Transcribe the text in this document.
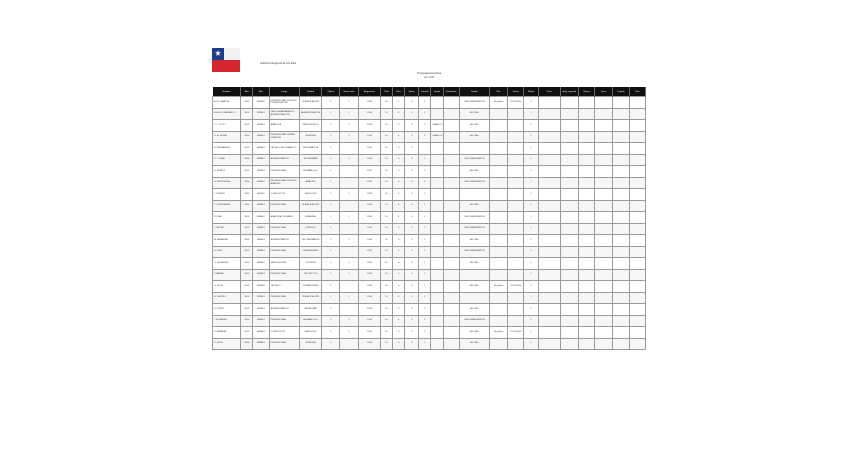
Gobierno Regional de Los Ríos
Transparencia Activa
Año 2016
Nombre	Año	Mes	Cargo	Unidad	Viático	Horas extra	Asignación	Total	Días	Horas	Feriado	Grado	Estamento	Detalle	Obs.	Fecha	Monto	Otros	Asig. especial	Bonos	Desc.	Líquido	Otro
A. M. CAMPOS	2016	ENERO	PROFESIONAL DIVISIÓN PLANIFICACIÓN	PLANIFICACIÓN	1	1	1.230	10	1	0	1			SIN OBSERVACIÓN	No aplica	27-05-2016	1						
B. ALDO CARRASCO	2016	ENERO	JEFE DEPARTAMENTO ADMINISTRACIÓN	ADMINISTRACIÓN	1	1	1.230	10	0	0	1			SIN OBS.			1						
C. L. SOTO	2016	ENERO	ANALISTA	PRESUPUESTO	1	1	1.230	10	0	0	1	GRADO 5		SIN OBS.			1						
D. M. ROJAS	2016	ENERO	PROFESIONAL UNIDAD JURÍDICA	JURÍDICA	1	1	1.230	10	0	0	1	GRADO 5		SIN OBS.			1						
E. FERNÁNDEZ	2016	ENERO	TÉCNICO INFORMÁTICO	INFORMÁTICA	1		1.230	10	0	0							1						
F. J. VERA	2016	ENERO	ADMINISTRATIVO	SECRETARÍA	1	1	1.230	10	0	0	1			SIN OBSERVACIÓN			1						
G. MUÑOZ	2016	ENERO	PROFESIONAL	DESARROLLO	1		1.230	10	0	0	1			SIN OBS.			1						
H. SEPÚLVEDA	2016	ENERO	PROFESIONAL DIVISIÓN ANÁLISIS	ANÁLISIS	1		1.230	10	0	0	1			SIN OBSERVACIÓN			1						
I. TORRES	2016	ENERO	CONDUCTOR	SERVICIOS	1	1	1.230	10	0	0	1						1						
J. CONTRERAS	2016	ENERO	PROFESIONAL	PLANIFICACIÓN	1		1.230	10	0	0	1			SIN OBS.			1						
K. DÍAZ	2016	ENERO	ANALISTA CONTABLE	FINANZAS	1	1	1.230	10	0	0	1			SIN OBSERVACIÓN			1						
L. REYES	2016	ENERO	PROFESIONAL	CONTROL	1		1.230	10	0	0	1			SIN OBSERVACIÓN			1						
M. HERRERA	2016	ENERO	ADMINISTRATIVO	OFICINA PARTES	1	1	1.230	10	0	0	1			SIN OBS.			1						
N. PINO	2016	ENERO	PROFESIONAL	INVERSIONES	1		1.230	10	0	0	1			SIN OBSERVACIÓN			1						
O. GONZÁLEZ	2016	ENERO	JEFE DIVISIÓN	DIVISIÓN	1	1	1.230	10	0	0	1			SIN OBS.			1						
P. ARAYA	2016	ENERO	PROFESIONAL	PROYECTOS	1	1	1.230	10	0	0	1						1						
Q. SILVA	2016	ENERO	TÉCNICO	OPERACIONES	1		1.230	10	0	0	1			SIN OBS.	No aplica	27-05-2016	1						
R. CASTRO	2016	ENERO	PROFESIONAL	PLANIFICACIÓN	1	1	1.230	10	0	0	1						1						
S. LÓPEZ	2016	ENERO	ADMINISTRATIVO	BIENESTAR	1		1.230	10	0	0	1			SIN OBS.			1						
T. MORALES	2016	ENERO	PROFESIONAL	DESARROLLO	1	1	1.230	10	0	0	1			SIN OBSERVACIÓN			1						
U. RAMÍREZ	2016	ENERO	CONDUCTOR	SERVICIOS	1	1	1.230	10	0	0	1			SIN OBS.	No aplica	27-05-2016	1						
V. ORTIZ	2016	ENERO	PROFESIONAL	JURÍDICA	1		1.230	10	0	0	1			SIN OBS.			1						
